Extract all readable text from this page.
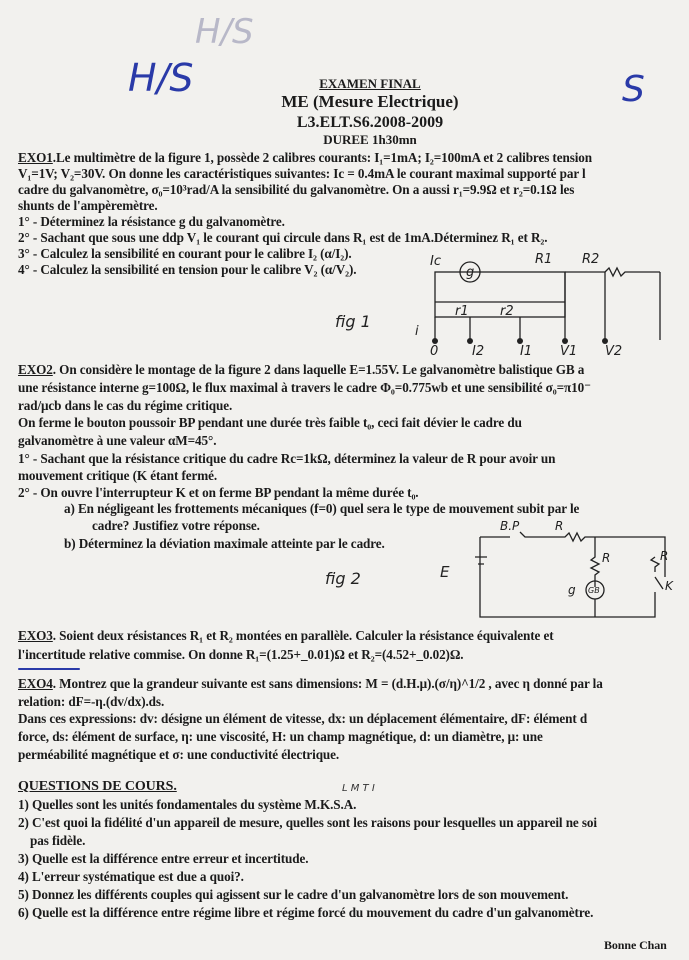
H/S
H/S	S
EXAMEN FINAL
ME (Mesure Electrique)
L3.ELT.S6.2008-2009
DUREE 1h30mn
EXO1.Le multimètre de la figure 1, possède 2 calibres courants: I₁=1mA; I₂=100mA et 2 calibres tension
V₁=1V; V₂=30V. On donne les caractéristiques suivantes: Ic = 0.4mA le courant maximal supporté par l
cadre du galvanomètre, σ₀=10³rad/A la sensibilité du galvanomètre. On a aussi r₁=9.9Ω et r₂=0.1Ω les
shunts de l'ampèremètre.
1° - Déterminez la résistance g du galvanomètre.
2° - Sachant que sous une ddp V₁ le courant qui circule dans R₁ est de 1mA.Déterminez R₁ et R₂.
3° - Calculez la sensibilité en courant pour le calibre I₂ (α/I₂).
4° - Calculez la sensibilité en tension pour le calibre V₂ (α/V₂).
Ic
g
R1 R2
r1 r2
i
0	I2	I1 V1 V2
fig 1
EXO2. On considère le montage de la figure 2 dans laquelle E=1.55V. Le galvanomètre balistique GB a
une résistance interne g=100Ω, le flux maximal à travers le cadre Φ₀=0.775wb et une sensibilité σ₀=π10⁻
rad/μcb dans le cas du régime critique.
On ferme le bouton poussoir BP pendant une durée très faible t₀, ceci fait dévier le cadre du
galvanomètre à une valeur αM=45°.
1° - Sachant que la résistance critique du cadre Rc=1kΩ, déterminez la valeur de R pour avoir un
mouvement critique (K étant fermé.
2° - On ouvre l'interrupteur K et on ferme BP pendant la même durée t₀.
a) En négligeant les frottements mécaniques (f=0) quel sera le type de mouvement subit par le
cadre? Justifiez votre réponse.
b) Déterminez la déviation maximale atteinte par le cadre.
B.P	R
R	R
E
g GB	K
fig 2
EXO3. Soient deux résistances R₁ et R₂ montées en parallèle. Calculer la résistance équivalente et
l'incertitude relative commise. On donne R₁=(1.25+_0.01)Ω et R₂=(4.52+_0.02)Ω.
EXO4. Montrez que la grandeur suivante est sans dimensions: M = (d.H.μ).(σ/η)^1/2 , avec η donné par la
relation: dF=-η.(dv/dx).ds.
Dans ces expressions: dv: désigne un élément de vitesse, dx: un déplacement élémentaire, dF: élément d
force, ds: élément de surface, η: une viscosité, H: un champ magnétique, d: un diamètre, μ: une
perméabilité magnétique et σ: une conductivité électrique.
QUESTIONS DE COURS.	L M T I
1) Quelles sont les unités fondamentales du système M.K.S.A.
2) C'est quoi la fidélité d'un appareil de mesure, quelles sont les raisons pour lesquelles un appareil ne soi
pas fidèle.
3) Quelle est la différence entre erreur et incertitude.
4) L'erreur systématique est due a quoi?.
5) Donnez les différents couples qui agissent sur le cadre d'un galvanomètre lors de son mouvement.
6) Quelle est la différence entre régime libre et régime forcé du mouvement du cadre d'un galvanomètre.
Bonne Chan
